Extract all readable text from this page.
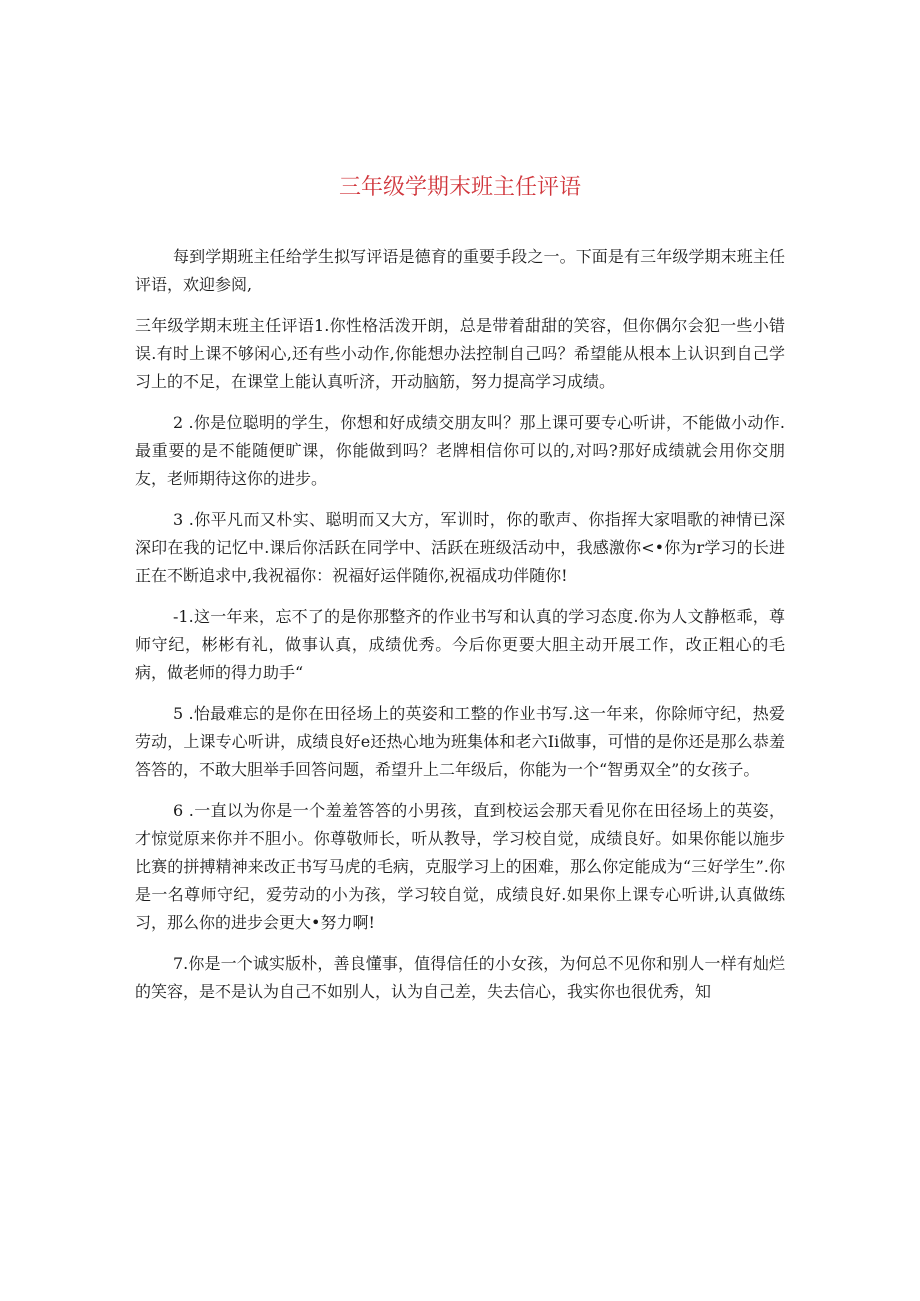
三年级学期末班主任评语

每到学期班主任给学生拟写评语是德育的重要手段之一。下面是有三年级学期末班主任评语，欢迎参阅,

三年级学期末班主任评语1.你性格活泼开朗，总是带着甜甜的笑容，但你偶尔会犯一些小错误.有时上课不够闲心,还有些小动作,你能想办法控制自己吗？希望能从根本上认识到自己学习上的不足，在课堂上能认真听济，开动脑筋，努力提高学习成绩。

2 .你是位聪明的学生，你想和好成绩交朋友叫？那上课可要专心听讲，不能做小动作.最重要的是不能随便旷课，你能做到吗？老牌相信你可以的,对吗?那好成绩就会用你交朋友，老师期待这你的进步。

3 .你平凡而又朴实、聪明而又大方，军训时，你的歌声、你指挥大家唱歌的神情已深深印在我的记忆中.课后你活跃在同学中、活跃在班级活动中，我感激你<•你为r学习的长进正在不断追求中,我祝福你：祝福好运伴随你,祝福成功伴随你!

-1.这一年来，忘不了的是你那整齐的作业书写和认真的学习态度.你为人文静柩乖，尊师守纪，彬彬有礼，做事认真，成绩优秀。今后你更要大胆主动开展工作，改正粗心的毛病，做老师的得力助手“

5 .怡最难忘的是你在田径场上的英姿和工整的作业书写.这一年来，你除师守纪，热爱劳动，上课专心听讲，成绩良好e还热心地为班集体和老六Ii做事，可惜的是你还是那么恭羞答答的，不敢大胆举手回答问题，希望升上二年级后，你能为一个“智勇双全”的女孩子。

6 .一直以为你是一个羞羞答答的小男孩，直到校运会那天看见你在田径场上的英姿，才惊觉原来你并不胆小。你尊敬师长，听从教导，学习校自觉，成绩良好。如果你能以施步比赛的拼搏精神来改正书写马虎的毛病，克服学习上的困难，那么你定能成为“三好学生”.你是一名尊师守纪，爱劳动的小为孩，学习较自觉，成绩良好.如果你上课专心听讲,认真做练习，那么你的进步会更大•努力啊!

7.你是一个诚实版朴，善良懂事，值得信任的小女孩，为何总不见你和别人一样有灿烂的笑容，是不是认为自己不如别人，认为自己差，失去信心，我实你也很优秀，知
